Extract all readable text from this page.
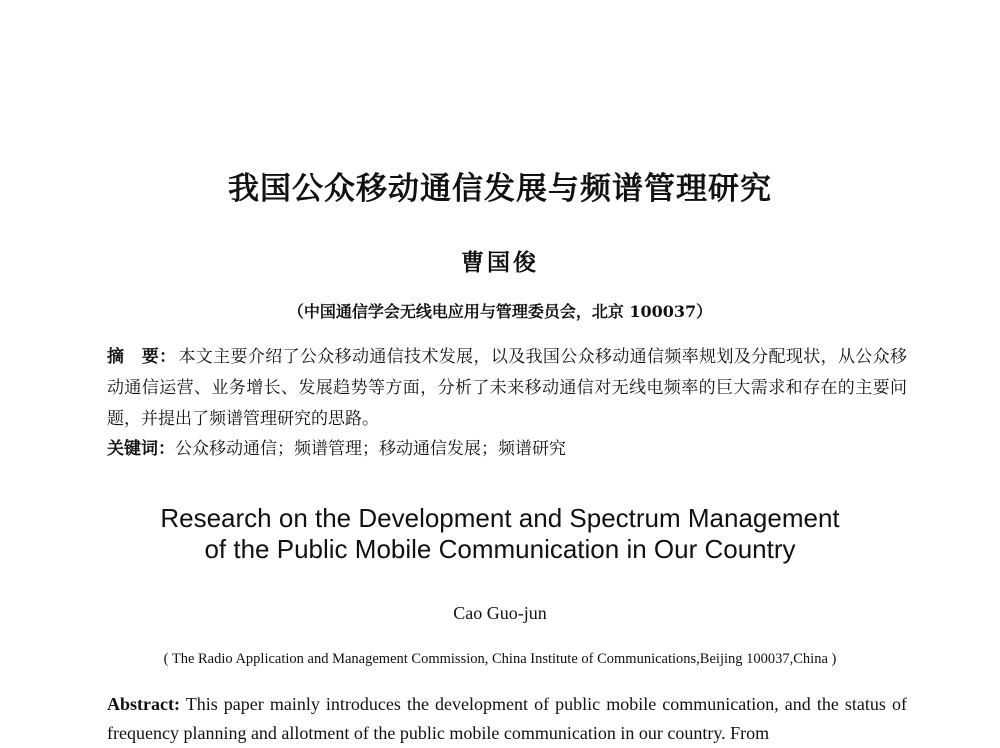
我国公众移动通信发展与频谱管理研究
曹国俊
（中国通信学会无线电应用与管理委员会，北京 100037）
摘　要： 本文主要介绍了公众移动通信技术发展，以及我国公众移动通信频率规划及分配现状，从公众移动通信运营、业务增长、发展趋势等方面，分析了未来移动通信对无线电频率的巨大需求和存在的主要问题，并提出了频谱管理研究的思路。
关键词：公众移动通信；频谱管理；移动通信发展；频谱研究
Research on the Development and Spectrum Management
of the Public Mobile Communication in Our Country
Cao Guo-jun
( The Radio Application and Management Commission, China Institute of Communications,Beijing 100037,China )
Abstract: This paper mainly introduces the development of public mobile communication, and the status of frequency planning and allotment of the public mobile communication in our country. From
